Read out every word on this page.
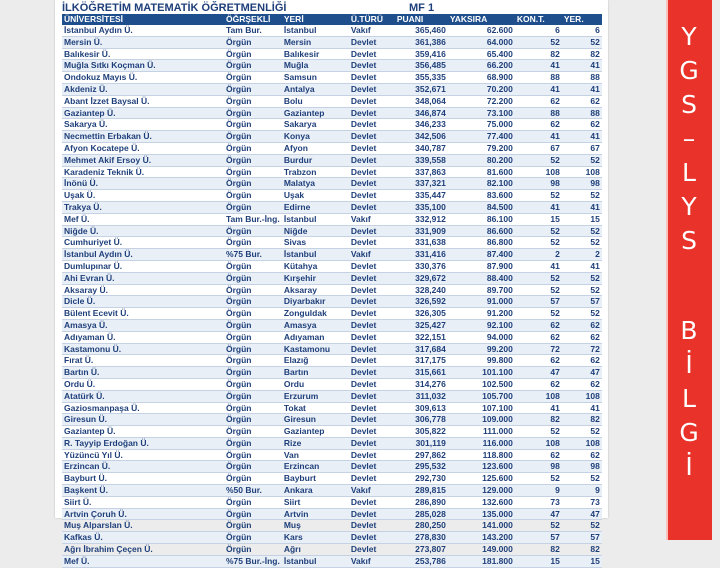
İLKÖĞRETİM MATEMATİK ÖĞRETMENLİĞİ	MF 1
ÜNİVERSİTESİ	ÖĞRŞEKLİ	YERİ	Ü.TÜRÜ	PUANI	YAKSIRA	KON.T.	YER.
İstanbul Aydın Ü.	Tam Bur.	İstanbul	Vakıf	365,460	62.600	6	6
Mersin Ü.	Örgün	Mersin	Devlet	361,386	64.000	52	52
Balıkesir Ü.	Örgün	Balıkesir	Devlet	359,416	65.400	82	82
Muğla Sıtkı Koçman Ü.	Örgün	Muğla	Devlet	356,485	66.200	41	41
Ondokuz Mayıs Ü.	Örgün	Samsun	Devlet	355,335	68.900	88	88
Akdeniz Ü.	Örgün	Antalya	Devlet	352,671	70.200	41	41
Abant İzzet Baysal Ü.	Örgün	Bolu	Devlet	348,064	72.200	62	62
Gaziantep Ü.	Örgün	Gaziantep	Devlet	346,874	73.100	88	88
Sakarya Ü.	Örgün	Sakarya	Devlet	346,233	75.000	62	62
Necmettin Erbakan Ü.	Örgün	Konya	Devlet	342,506	77.400	41	41
Afyon Kocatepe Ü.	Örgün	Afyon	Devlet	340,787	79.200	67	67
Mehmet Akif Ersoy Ü.	Örgün	Burdur	Devlet	339,558	80.200	52	52
Karadeniz Teknik Ü.	Örgün	Trabzon	Devlet	337,863	81.600	108	108
İnönü Ü.	Örgün	Malatya	Devlet	337,321	82.100	98	98
Uşak Ü.	Örgün	Uşak	Devlet	335,447	83.600	52	52
Trakya Ü.	Örgün	Edirne	Devlet	335,100	84.500	41	41
Mef Ü.	Tam Bur.-İng.	İstanbul	Vakıf	332,912	86.100	15	15
Niğde Ü.	Örgün	Niğde	Devlet	331,909	86.600	52	52
Cumhuriyet Ü.	Örgün	Sivas	Devlet	331,638	86.800	52	52
İstanbul Aydın Ü.	%75 Bur.	İstanbul	Vakıf	331,416	87.400	2	2
Dumlupınar Ü.	Örgün	Kütahya	Devlet	330,376	87.900	41	41
Ahi Evran Ü.	Örgün	Kırşehir	Devlet	329,672	88.400	52	52
Aksaray Ü.	Örgün	Aksaray	Devlet	328,240	89.700	52	52
Dicle Ü.	Örgün	Diyarbakır	Devlet	326,592	91.000	57	57
Bülent Ecevit Ü.	Örgün	Zonguldak	Devlet	326,305	91.200	52	52
Amasya Ü.	Örgün	Amasya	Devlet	325,427	92.100	62	62
Adıyaman Ü.	Örgün	Adıyaman	Devlet	322,151	94.000	62	62
Kastamonu Ü.	Örgün	Kastamonu	Devlet	317,684	99.200	72	72
Fırat Ü.	Örgün	Elazığ	Devlet	317,175	99.800	62	62
Bartın Ü.	Örgün	Bartın	Devlet	315,661	101.100	47	47
Ordu Ü.	Örgün	Ordu	Devlet	314,276	102.500	62	62
Atatürk Ü.	Örgün	Erzurum	Devlet	311,032	105.700	108	108
Gaziosmanpaşa Ü.	Örgün	Tokat	Devlet	309,613	107.100	41	41
Giresun Ü.	Örgün	Giresun	Devlet	306,778	109.000	82	82
Gaziantep Ü.	Örgün	Gaziantep	Devlet	305,822	111.000	52	52
R. Tayyip Erdoğan Ü.	Örgün	Rize	Devlet	301,119	116.000	108	108
Yüzüncü Yıl Ü.	Örgün	Van	Devlet	297,862	118.800	62	62
Erzincan Ü.	Örgün	Erzincan	Devlet	295,532	123.600	98	98
Bayburt Ü.	Örgün	Bayburt	Devlet	292,730	125.600	52	52
Başkent Ü.	%50 Bur.	Ankara	Vakıf	289,815	129.000	9	9
Siirt Ü.	Örgün	Siirt	Devlet	286,890	132.600	73	73
Artvin Çoruh Ü.	Örgün	Artvin	Devlet	285,028	135.000	47	47
Muş Alparslan Ü.	Örgün	Muş	Devlet	280,250	141.000	52	52
Kafkas Ü.	Örgün	Kars	Devlet	278,830	143.200	57	57
Ağrı İbrahim Çeçen Ü.	Örgün	Ağrı	Devlet	273,807	149.000	82	82
Mef Ü.	%75 Bur.-İng.	İstanbul	Vakıf	253,786	181.800	15	15
Y
G
S
–
L
Y
S
B
İ
L
G
İ
